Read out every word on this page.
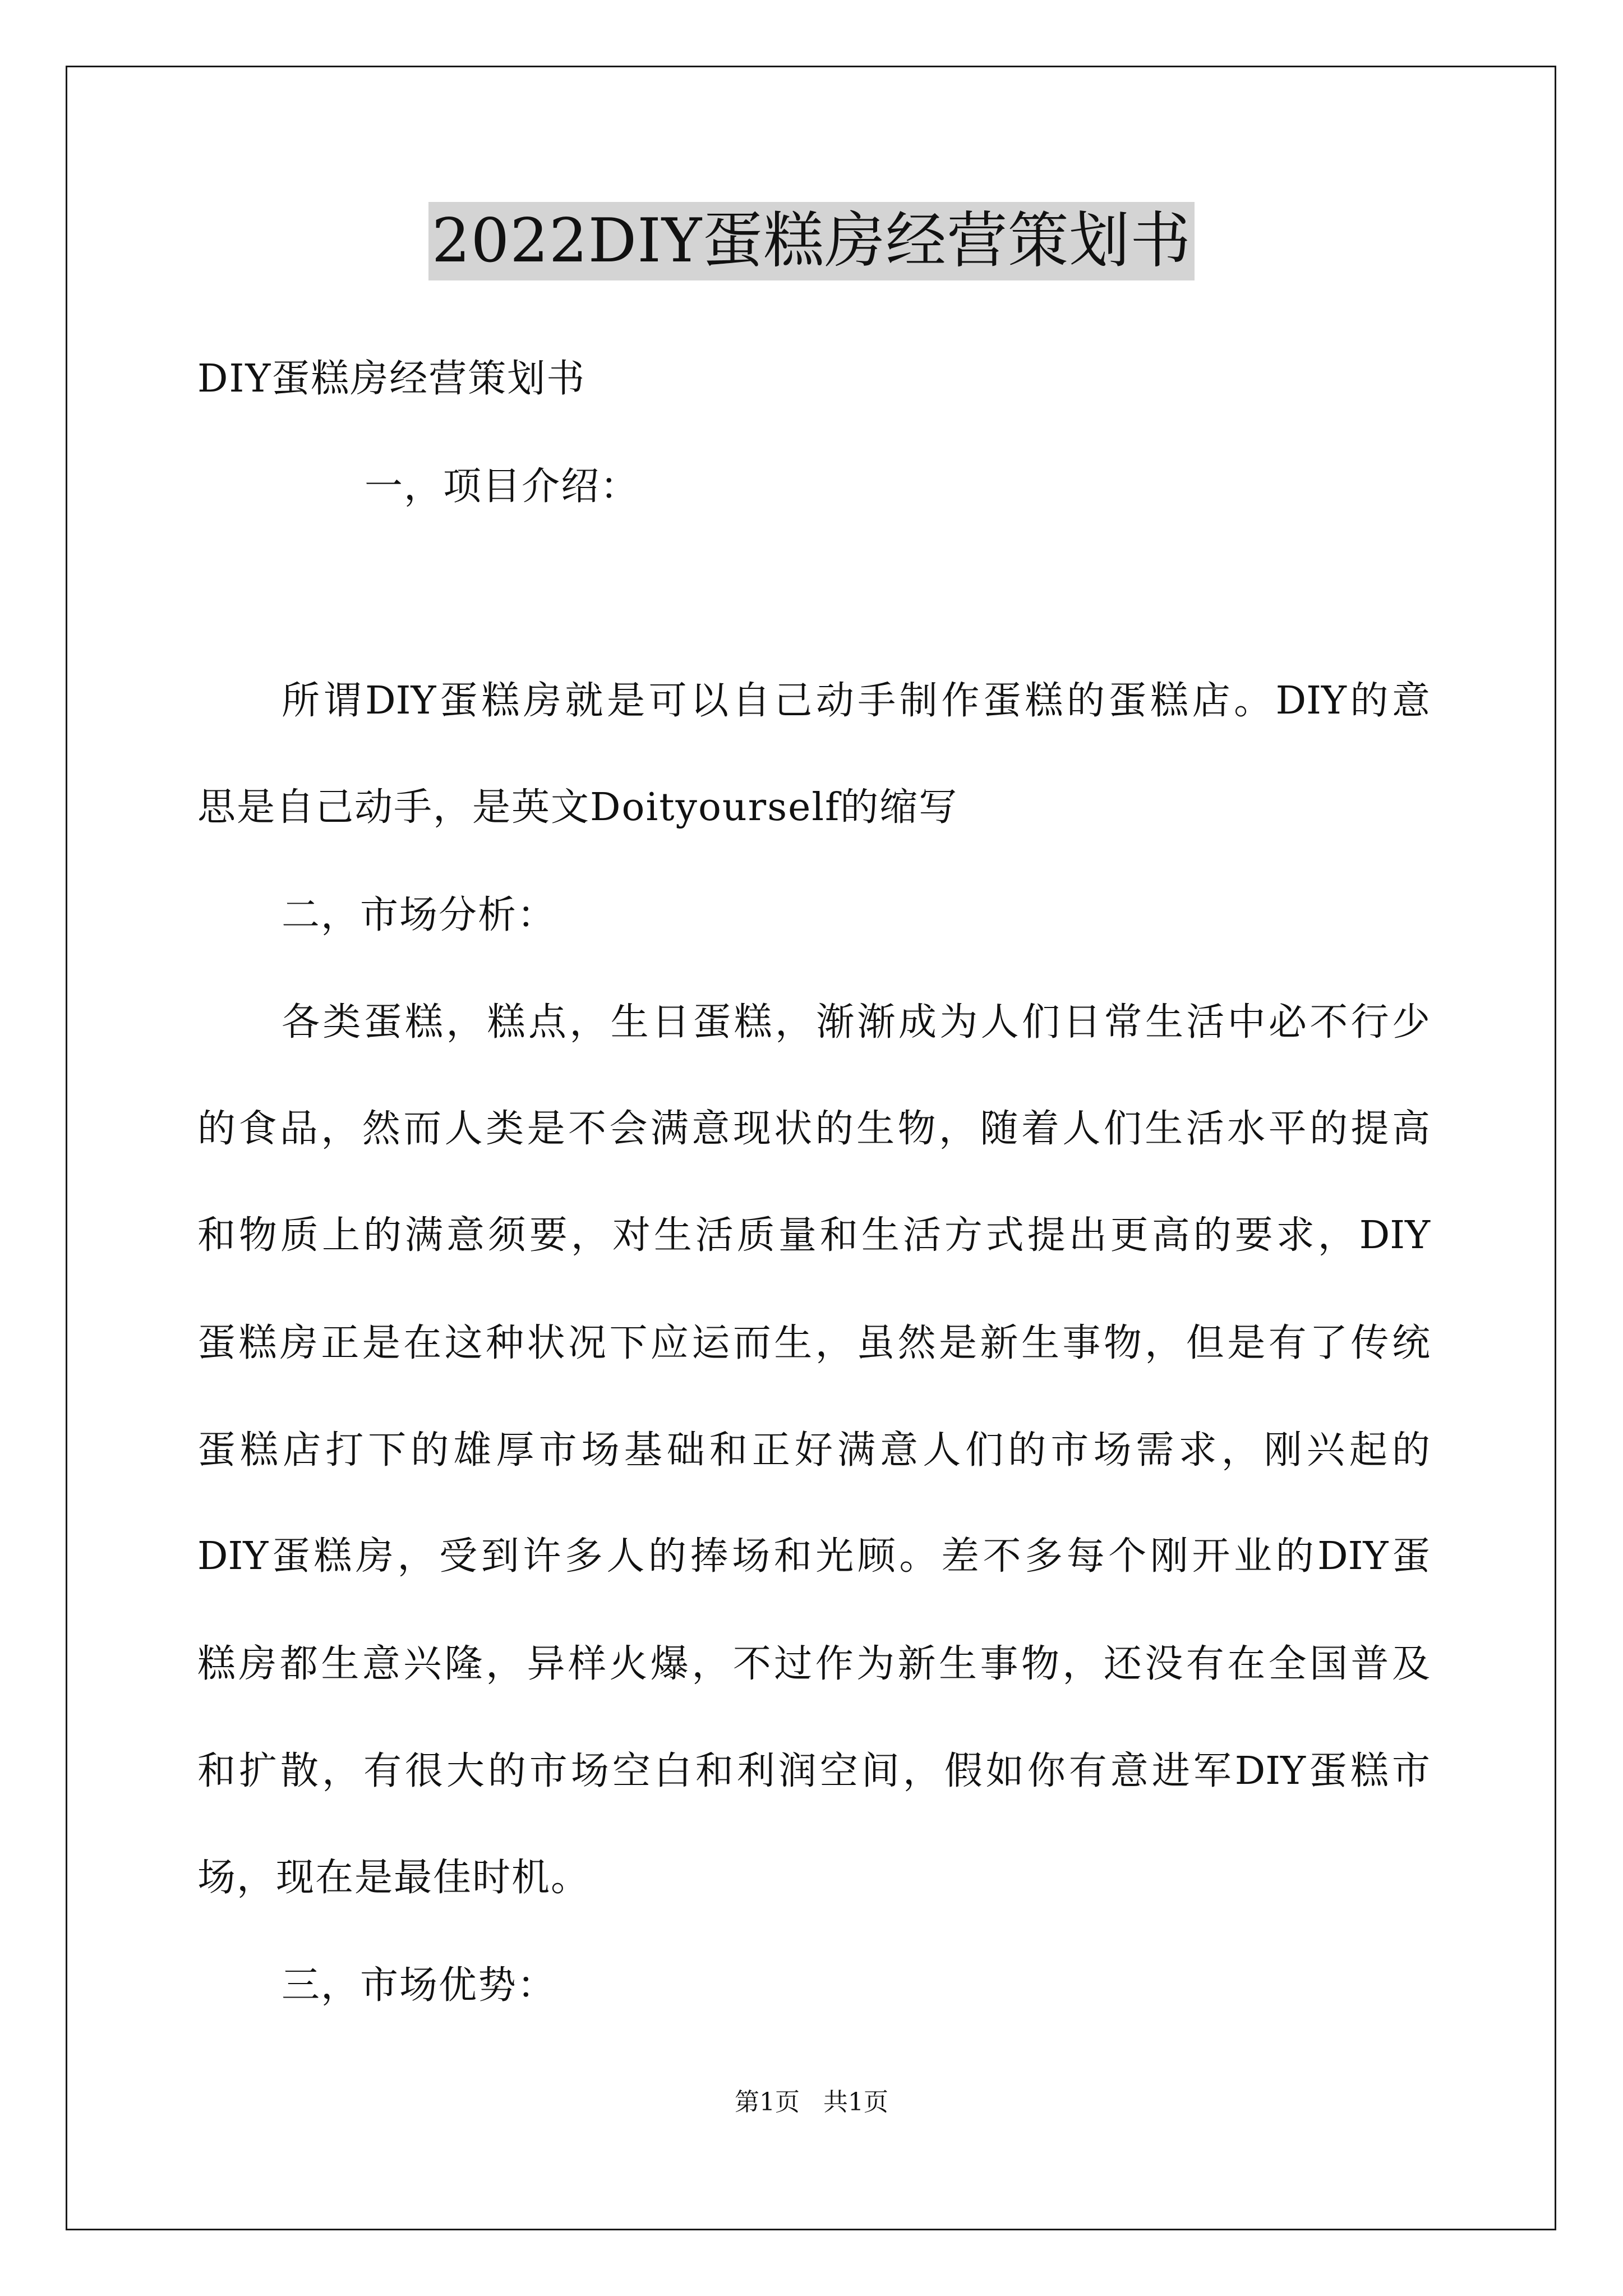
2022DIY蛋糕房经营策划书
DIY蛋糕房经营策划书
一，项目介绍：
所谓DIY蛋糕房就是可以自己动手制作蛋糕的蛋糕店。DIY的意
思是自己动手，是英文Doityourself的缩写
二，市场分析：
各类蛋糕，糕点，生日蛋糕，渐渐成为人们日常生活中必不行少
的食品，然而人类是不会满意现状的生物，随着人们生活水平的提高
和物质上的满意须要，对生活质量和生活方式提出更高的要求，DIY
蛋糕房正是在这种状况下应运而生，虽然是新生事物，但是有了传统
蛋糕店打下的雄厚市场基础和正好满意人们的市场需求，刚兴起的
DIY蛋糕房，受到许多人的捧场和光顾。差不多每个刚开业的DIY蛋
糕房都生意兴隆，异样火爆，不过作为新生事物，还没有在全国普及
和扩散，有很大的市场空白和利润空间，假如你有意进军DIY蛋糕市
场，现在是最佳时机。
三，市场优势：
第1页   共1页
